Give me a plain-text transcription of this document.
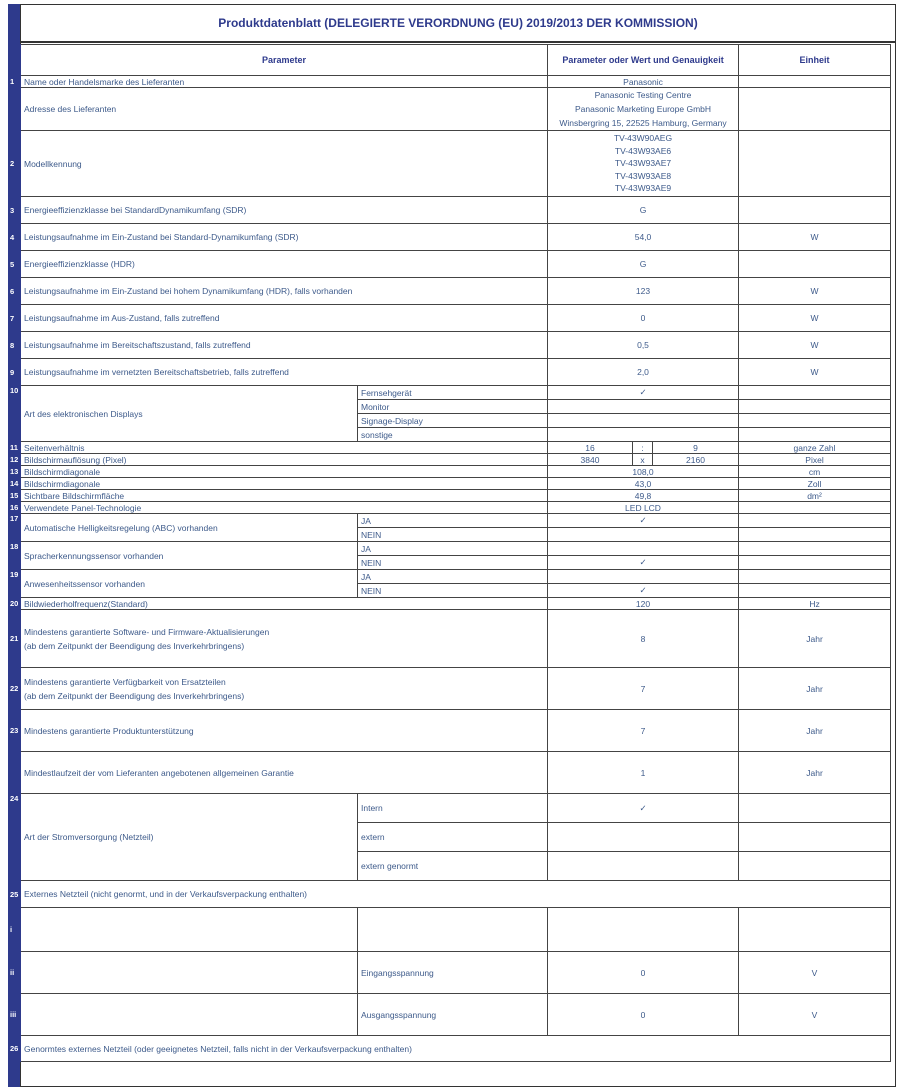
Produktdatenblatt (DELEGIERTE VERORDNUNG (EU) 2019/2013 DER KOMMISSION)
	Parameter		Parameter oder Wert und Genauigkeit			Einheit
1	Name oder Handelsmarke des Lieferanten		Panasonic			
	Adresse des Lieferanten		Panasonic Testing Centre
Panasonic Marketing Europe GmbH
Winsbergring 15, 22525 Hamburg, Germany			

2	Modellkennung		TV-43W90AEG
TV-43W93AE6
TV-43W93AE7
TV-43W93AE8
TV-43W93AE9			

3	Energieeffizienzklasse bei StandardDynamikumfang (SDR)		G			
4	Leistungsaufnahme im Ein-Zustand bei Standard-Dynamikumfang (SDR)		54,0			W
5	Energieeffizienzklasse (HDR)		G			
6	Leistungsaufnahme im Ein-Zustand bei hohem Dynamikumfang (HDR), falls vorhanden		123			W
7	Leistungsaufnahme im Aus-Zustand, falls zutreffend		0			W
8	Leistungsaufnahme im Bereitschaftszustand, falls zutreffend		0,5			W
9	Leistungsaufnahme im vernetzten Bereitschaftsbetrieb, falls zutreffend		2,0			W
10	Art des elektronischen Displays	Fernsehgerät	✓			
		Monitor				
		Signage-Display				
		sonstige				
11	Seitenverhältnis		16	:	9	ganze Zahl
12	Bildschirmauflösung (Pixel)		3840	x	2160	Pixel
13	Bildschirmdiagonale		108,0			cm
14	Bildschirmdiagonale		43,0			Zoll
15	Sichtbare Bildschirmfläche		49,8			dm²
16	Verwendete Panel-Technologie		LED LCD			
17	Automatische Helligkeitsregelung (ABC) vorhanden	JA	✓			
		NEIN				
18	Spracherkennungssensor vorhanden	JA				
		NEIN	✓			
19	Anwesenheitssensor vorhanden	JA				
		NEIN	✓			
20	Bildwiederholfrequenz(Standard)		120			Hz
21	Mindestens garantierte Software- und Firmware-Aktualisierungen
(ab dem Zeitpunkt der Beendigung des Inverkehrbringens)		8			Jahr
22	Mindestens garantierte Verfügbarkeit von Ersatzteilen
(ab dem Zeitpunkt der Beendigung des Inverkehrbringens)		7			Jahr
23	Mindestens garantierte Produktunterstützung		7			Jahr
	Mindestlaufzeit der vom Lieferanten angebotenen allgemeinen Garantie		1			Jahr
24	Art der Stromversorgung (Netzteil)	Intern	✓			
		extern				
		extern genormt				
25	Externes Netzteil (nicht genormt, und in der Verkaufsverpackung enthalten)					
i						
ii		Eingangsspannung	0			V
iii		Ausgangsspannung	0			V
26	Genormtes externes Netzteil (oder geeignetes Netzteil, falls nicht in der Verkaufsverpackung enthalten)					
